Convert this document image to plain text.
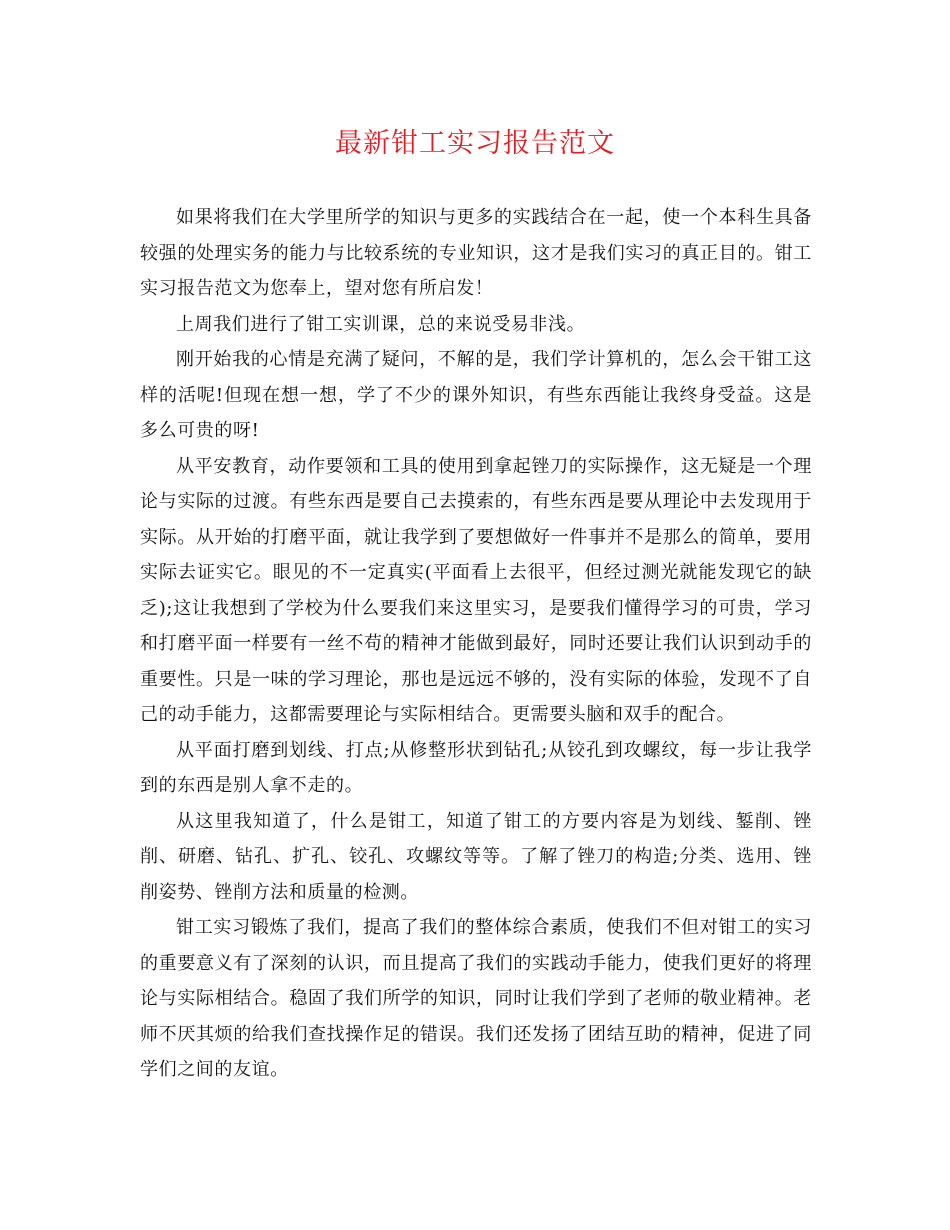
最新钳工实习报告范文

如果将我们在大学里所学的知识与更多的实践结合在一起，使一个本科生具备较强的处理实务的能力与比较系统的专业知识，这才是我们实习的真正目的。钳工实习报告范文为您奉上，望对您有所启发！

上周我们进行了钳工实训课，总的来说受易非浅。

刚开始我的心情是充满了疑问，不解的是，我们学计算机的，怎么会干钳工这样的活呢!但现在想一想，学了不少的课外知识，有些东西能让我终身受益。这是多么可贵的呀!

从平安教育，动作要领和工具的使用到拿起锉刀的实际操作，这无疑是一个理论与实际的过渡。有些东西是要自己去摸索的，有些东西是要从理论中去发现用于实际。从开始的打磨平面，就让我学到了要想做好一件事并不是那么的简单，要用实际去证实它。眼见的不一定真实(平面看上去很平，但经过测光就能发现它的缺乏);这让我想到了学校为什么要我们来这里实习，是要我们懂得学习的可贵，学习和打磨平面一样要有一丝不苟的精神才能做到最好，同时还要让我们认识到动手的重要性。只是一味的学习理论，那也是远远不够的，没有实际的体验，发现不了自己的动手能力，这都需要理论与实际相结合。更需要头脑和双手的配合。

从平面打磨到划线、打点;从修整形状到钻孔;从铰孔到攻螺纹，每一步让我学到的东西是别人拿不走的。

从这里我知道了，什么是钳工，知道了钳工的方要内容是为划线、錾削、锉削、研磨、钻孔、扩孔、铰孔、攻螺纹等等。了解了锉刀的构造;分类、选用、锉削姿势、锉削方法和质量的检测。

钳工实习锻炼了我们，提高了我们的整体综合素质，使我们不但对钳工的实习的重要意义有了深刻的认识，而且提高了我们的实践动手能力，使我们更好的将理论与实际相结合。稳固了我们所学的知识，同时让我们学到了老师的敬业精神。老师不厌其烦的给我们查找操作足的错误。我们还发扬了团结互助的精神，促进了同学们之间的友谊。
